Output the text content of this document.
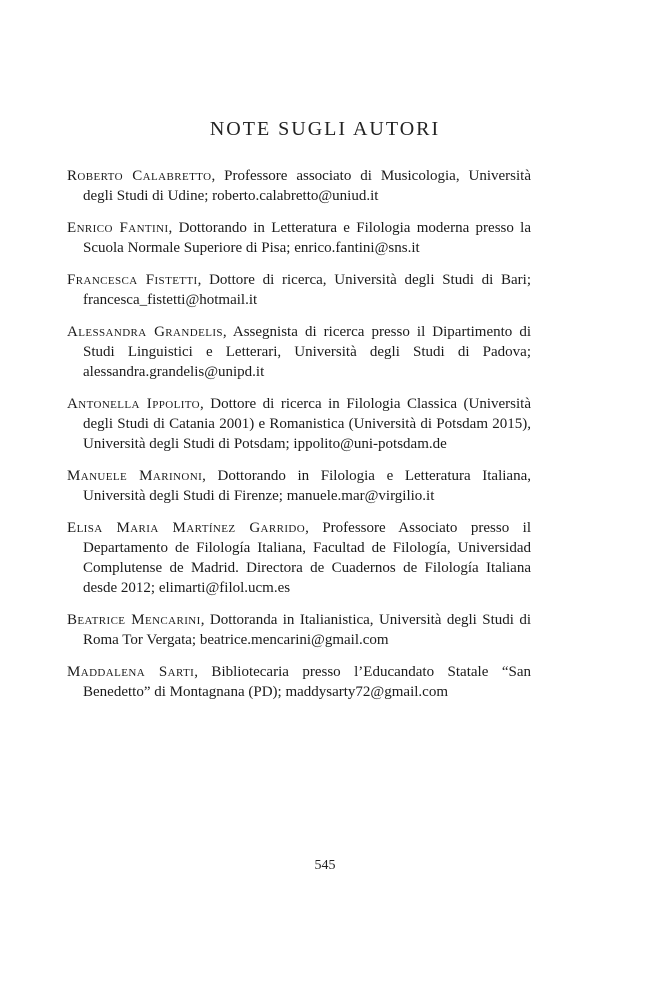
NOTE SUGLI AUTORI
Roberto Calabretto, Professore associato di Musicologia, Università degli Studi di Udine; roberto.calabretto@uniud.it
Enrico Fantini, Dottorando in Letteratura e Filologia moderna presso la Scuola Normale Superiore di Pisa; enrico.fantini@sns.it
Francesca Fistetti, Dottore di ricerca, Università degli Studi di Bari; francesca_fistetti@hotmail.it
Alessandra Grandelis, Assegnista di ricerca presso il Dipartimento di Studi Linguistici e Letterari, Università degli Studi di Padova; alessandra.grandelis@unipd.it
Antonella Ippolito, Dottore di ricerca in Filologia Classica (Università degli Studi di Catania 2001) e Romanistica (Università di Potsdam 2015), Università degli Studi di Potsdam; ippolito@uni-potsdam.de
Manuele Marinoni, Dottorando in Filologia e Letteratura Italiana, Università degli Studi di Firenze; manuele.mar@virgilio.it
Elisa Maria Martínez Garrido, Professore Associato presso il Departamento de Filología Italiana, Facultad de Filología, Universidad Complutense de Madrid. Directora de Cuadernos de Filología Italiana desde 2012; elimarti@filol.ucm.es
Beatrice Mencarini, Dottoranda in Italianistica, Università degli Studi di Roma Tor Vergata; beatrice.mencarini@gmail.com
Maddalena Sarti, Bibliotecaria presso l’Educandato Statale “San Benedetto” di Montagnana (PD); maddysarty72@gmail.com
545
